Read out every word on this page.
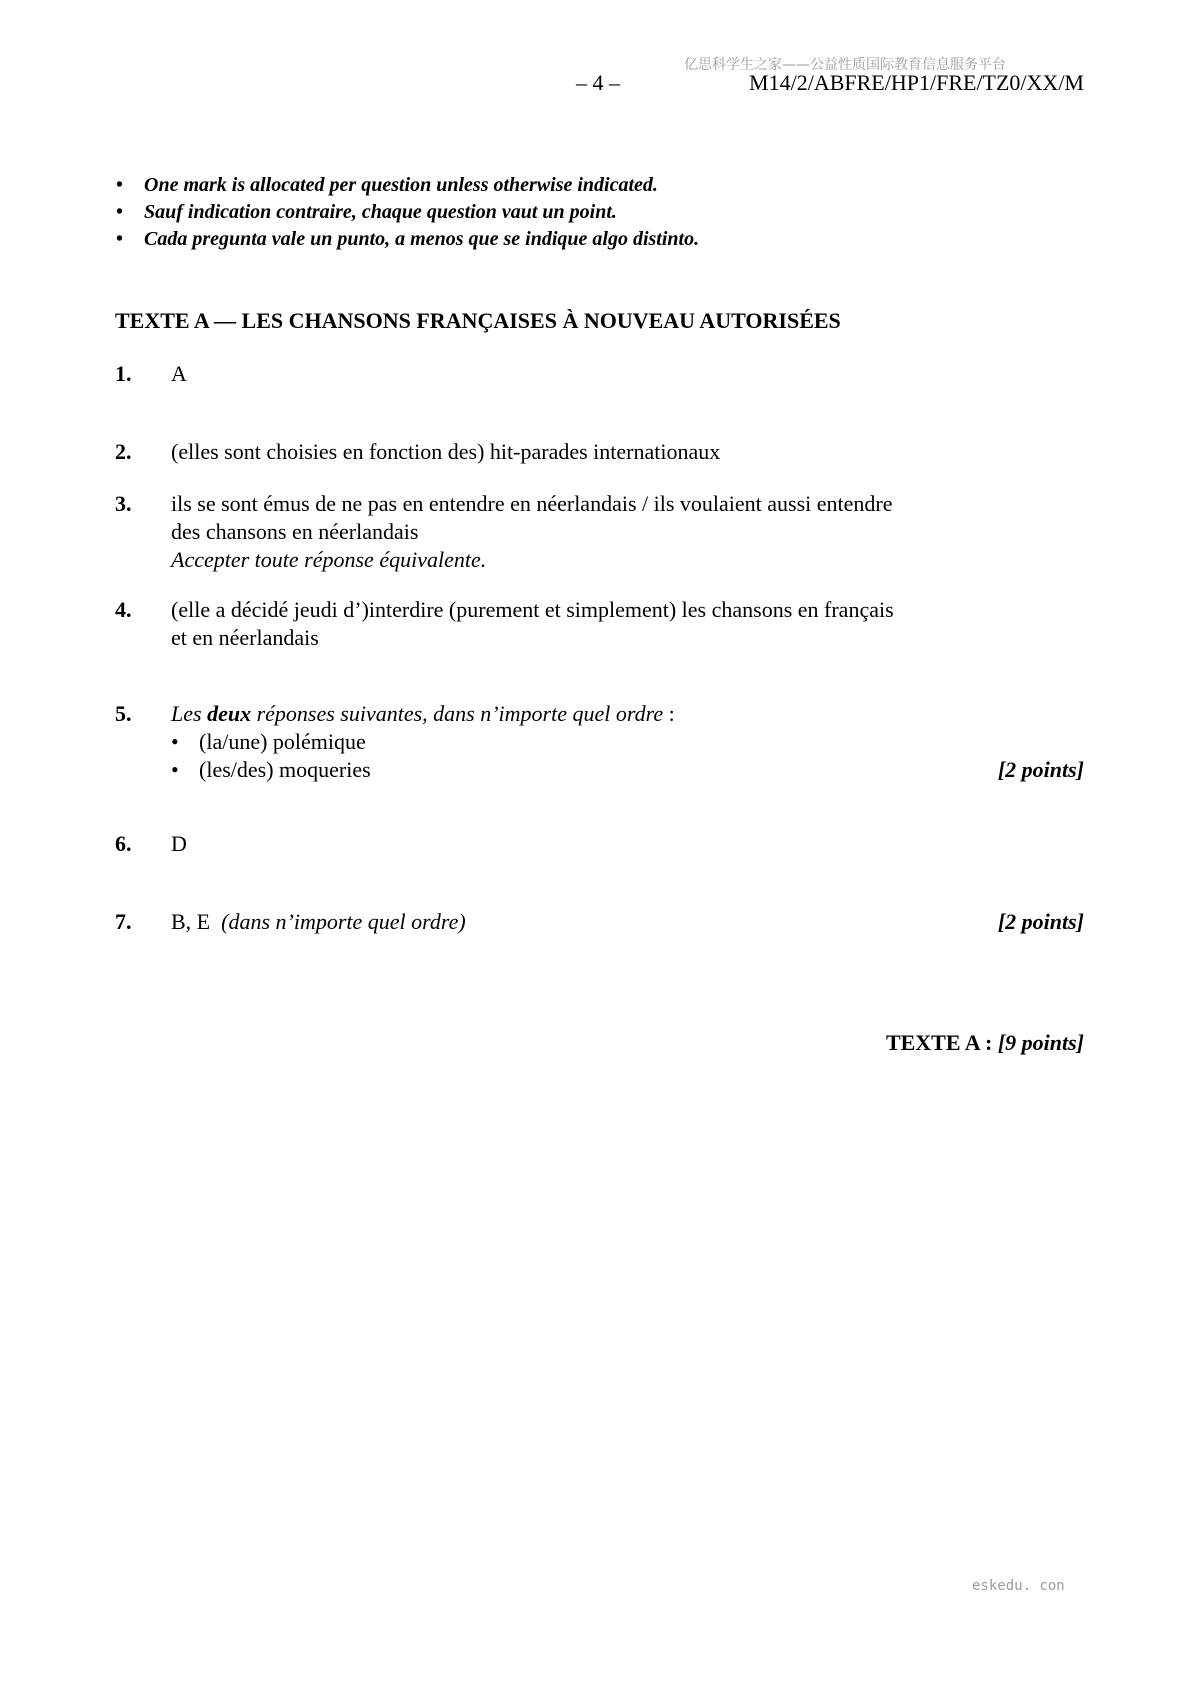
亿思科学生之家——公益性质国际教育信息服务平台
– 4 –	M14/2/ABFRE/HP1/FRE/TZ0/XX/M
• One mark is allocated per question unless otherwise indicated.
• Sauf indication contraire, chaque question vaut un point.
• Cada pregunta vale un punto, a menos que se indique algo distinto.
TEXTE A — LES CHANSONS FRANÇAISES À NOUVEAU AUTORISÉES
1. A
2. (elles sont choisies en fonction des) hit-parades internationaux
3. ils se sont émus de ne pas en entendre en néerlandais / ils voulaient aussi entendre
des chansons en néerlandais
Accepter toute réponse équivalente.
4. (elle a décidé jeudi d’)interdire (purement et simplement) les chansons en français
et en néerlandais
5. Les deux réponses suivantes, dans n’importe quel ordre :
• (la/une) polémique
• (les/des) moqueries	[2 points]
6. D
7. B, E (dans n’importe quel ordre)	[2 points]
TEXTE A : [9 points]
eskedu. con
